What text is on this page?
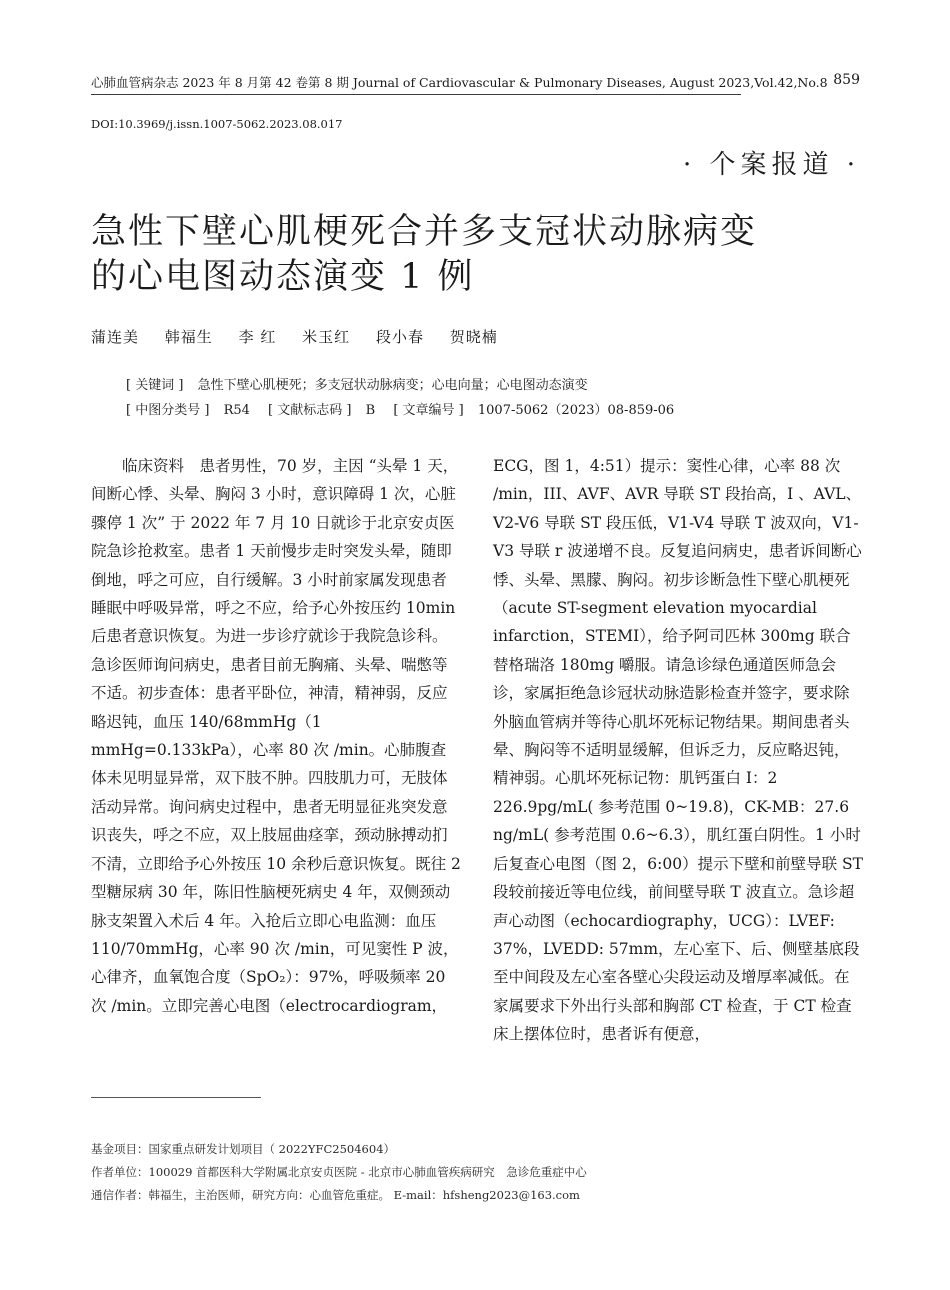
心肺血管病杂志 2023 年 8 月第 42 卷第 8 期 Journal of Cardiovascular & Pulmonary Diseases, August 2023,Vol.42,No.8 859
DOI:10.3969/j.issn.1007-5062.2023.08.017
· 个案报道 ·
急性下壁心肌梗死合并多支冠状动脉病变
的心电图动态演变 1 例
蒲连美 韩福生 李 红 米玉红 段小春 贺晓楠
[ 关键词 ] 急性下壁心肌梗死；多支冠状动脉病变；心电向量；心电图动态演变
[ 中图分类号 ] R54 [ 文献标志码 ] B [ 文章编号 ] 1007-5062（2023）08-859-06

　　临床资料　患者男性，70 岁，主因 “头晕 1 天，间断心悸、头晕、胸闷 3 小时，意识障碍 1 次，心脏骤停 1 次” 于 2022 年 7 月 10 日就诊于北京安贞医院急诊抢救室。患者 1 天前慢步走时突发头晕，随即倒地，呼之可应，自行缓解。3 小时前家属发现患者睡眠中呼吸异常，呼之不应，给予心外按压约 10min 后患者意识恢复。为进一步诊疗就诊于我院急诊科。急诊医师询问病史，患者目前无胸痛、头晕、喘憋等不适。初步查体：患者平卧位，神清，精神弱，反应略迟钝，血压 140/68mmHg（1 mmHg=0.133kPa），心率 80 次 /min。心肺腹查体未见明显异常，双下肢不肿。四肢肌力可，无肢体活动异常。询问病史过程中，患者无明显征兆突发意识丧失，呼之不应，双上肢屈曲痉挛，颈动脉搏动扪不清，立即给予心外按压 10 余秒后意识恢复。既往 2 型糖尿病 30 年，陈旧性脑梗死病史 4 年，双侧颈动脉支架置入术后 4 年。入抢后立即心电监测：血压 110/70mmHg，心率 90 次 /min，可见窦性 P 波，心律齐，血氧饱合度（SpO₂）：97%，呼吸频率 20 次 /min。立即完善心电图（electrocardiogram，

ECG，图 1，4:51）提示：窦性心律，心率 88 次 /min，III、AVF、AVR 导联 ST 段抬高，I 、AVL、V2-V6 导联 ST 段压低，V1-V4 导联 T 波双向，V1-V3 导联 r 波递增不良。反复追问病史，患者诉间断心悸、头晕、黑朦、胸闷。初步诊断急性下壁心肌梗死（acute ST-segment elevation myocardial infarction，STEMI），给予阿司匹林 300mg 联合替格瑞洛 180mg 嚼服。请急诊绿色通道医师急会诊，家属拒绝急诊冠状动脉造影检查并签字，要求除外脑血管病并等待心肌坏死标记物结果。期间患者头晕、胸闷等不适明显缓解，但诉乏力，反应略迟钝，精神弱。心肌坏死标记物：肌钙蛋白 I：2 226.9pg/mL( 参考范围 0~19.8)，CK-MB：27.6 ng/mL( 参考范围 0.6~6.3），肌红蛋白阴性。1 小时后复查心电图（图 2，6:00）提示下壁和前壁导联 ST 段较前接近等电位线，前间壁导联 T 波直立。急诊超声心动图（echocardiography，UCG）：LVEF: 37%，LVEDD: 57mm，左心室下、后、侧壁基底段至中间段及左心室各壁心尖段运动及增厚率减低。在家属要求下外出行头部和胸部 CT 检查，于 CT 检查床上摆体位时，患者诉有便意，

基金项目：国家重点研发计划项目（ 2022YFC2504604）
作者单位：100029 首都医科大学附属北京安贞医院 - 北京市心肺血管疾病研究　急诊危重症中心
通信作者：韩福生，主治医师，研究方向：心血管危重症。 E-mail：hfsheng2023@163.com
